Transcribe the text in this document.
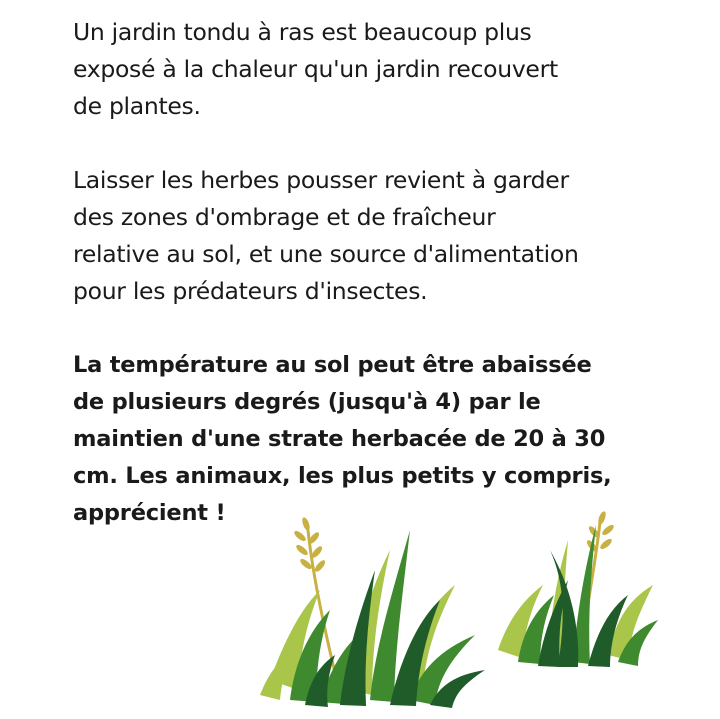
Un jardin tondu à ras est beaucoup plus
exposé à la chaleur qu'un jardin recouvert
de plantes.

Laisser les herbes pousser revient à garder
des zones d'ombrage et de fraîcheur
relative au sol, et une source d'alimentation
pour les prédateurs d'insectes.

La température au sol peut être abaissée
de plusieurs degrés (jusqu'à 4) par le
maintien d'une strate herbacée de 20 à 30
cm. Les animaux, les plus petits y compris,
apprécient !
